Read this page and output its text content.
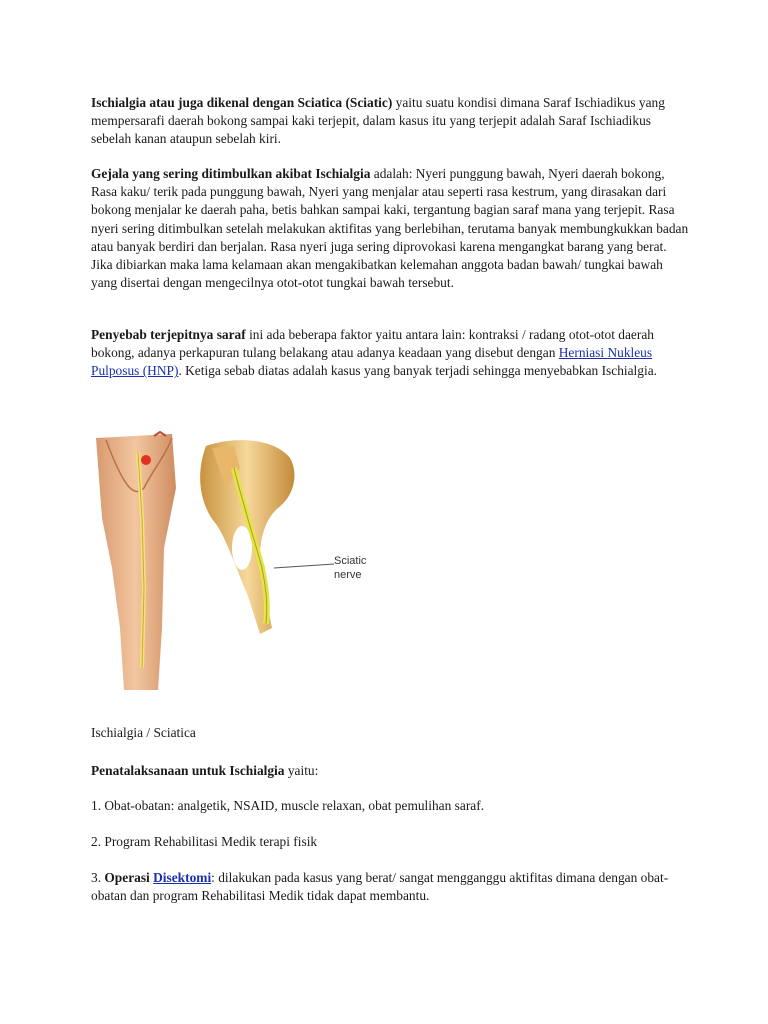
Ischialgia atau juga dikenal dengan Sciatica (Sciatic) yaitu suatu kondisi dimana Saraf Ischiadikus yang mempersarafi daerah bokong sampai kaki terjepit, dalam kasus itu yang terjepit adalah Saraf Ischiadikus sebelah kanan ataupun sebelah kiri.

Gejala yang sering ditimbulkan akibat Ischialgia adalah: Nyeri punggung bawah, Nyeri daerah bokong, Rasa kaku/ terik pada punggung bawah, Nyeri yang menjalar atau seperti rasa kestrum, yang dirasakan dari bokong menjalar ke daerah paha, betis bahkan sampai kaki, tergantung bagian saraf mana yang terjepit. Rasa nyeri sering ditimbulkan setelah melakukan aktifitas yang berlebihan, terutama banyak membungkukkan badan atau banyak berdiri dan berjalan. Rasa nyeri juga sering diprovokasi karena mengangkat barang yang berat. Jika dibiarkan maka lama kelamaan akan mengakibatkan kelemahan anggota badan bawah/ tungkai bawah yang disertai dengan mengecilnya otot-otot tungkai bawah tersebut.

Penyebab terjepitnya saraf ini ada beberapa faktor yaitu antara lain: kontraksi / radang otot-otot daerah bokong, adanya perkapuran tulang belakang atau adanya keadaan yang disebut dengan Herniasi Nukleus Pulposus (HNP). Ketiga sebab diatas adalah kasus yang banyak terjadi sehingga menyebabkan Ischialgia.

Sciatic
nerve
Ischialgia / Sciatica

Penatalaksanaan untuk Ischialgia yaitu:

1. Obat-obatan: analgetik, NSAID, muscle relaxan, obat pemulihan saraf.

2. Program Rehabilitasi Medik terapi fisik

3. Operasi Disektomi: dilakukan pada kasus yang berat/ sangat mengganggu aktifitas dimana dengan obat-obatan dan program Rehabilitasi Medik tidak dapat membantu.
